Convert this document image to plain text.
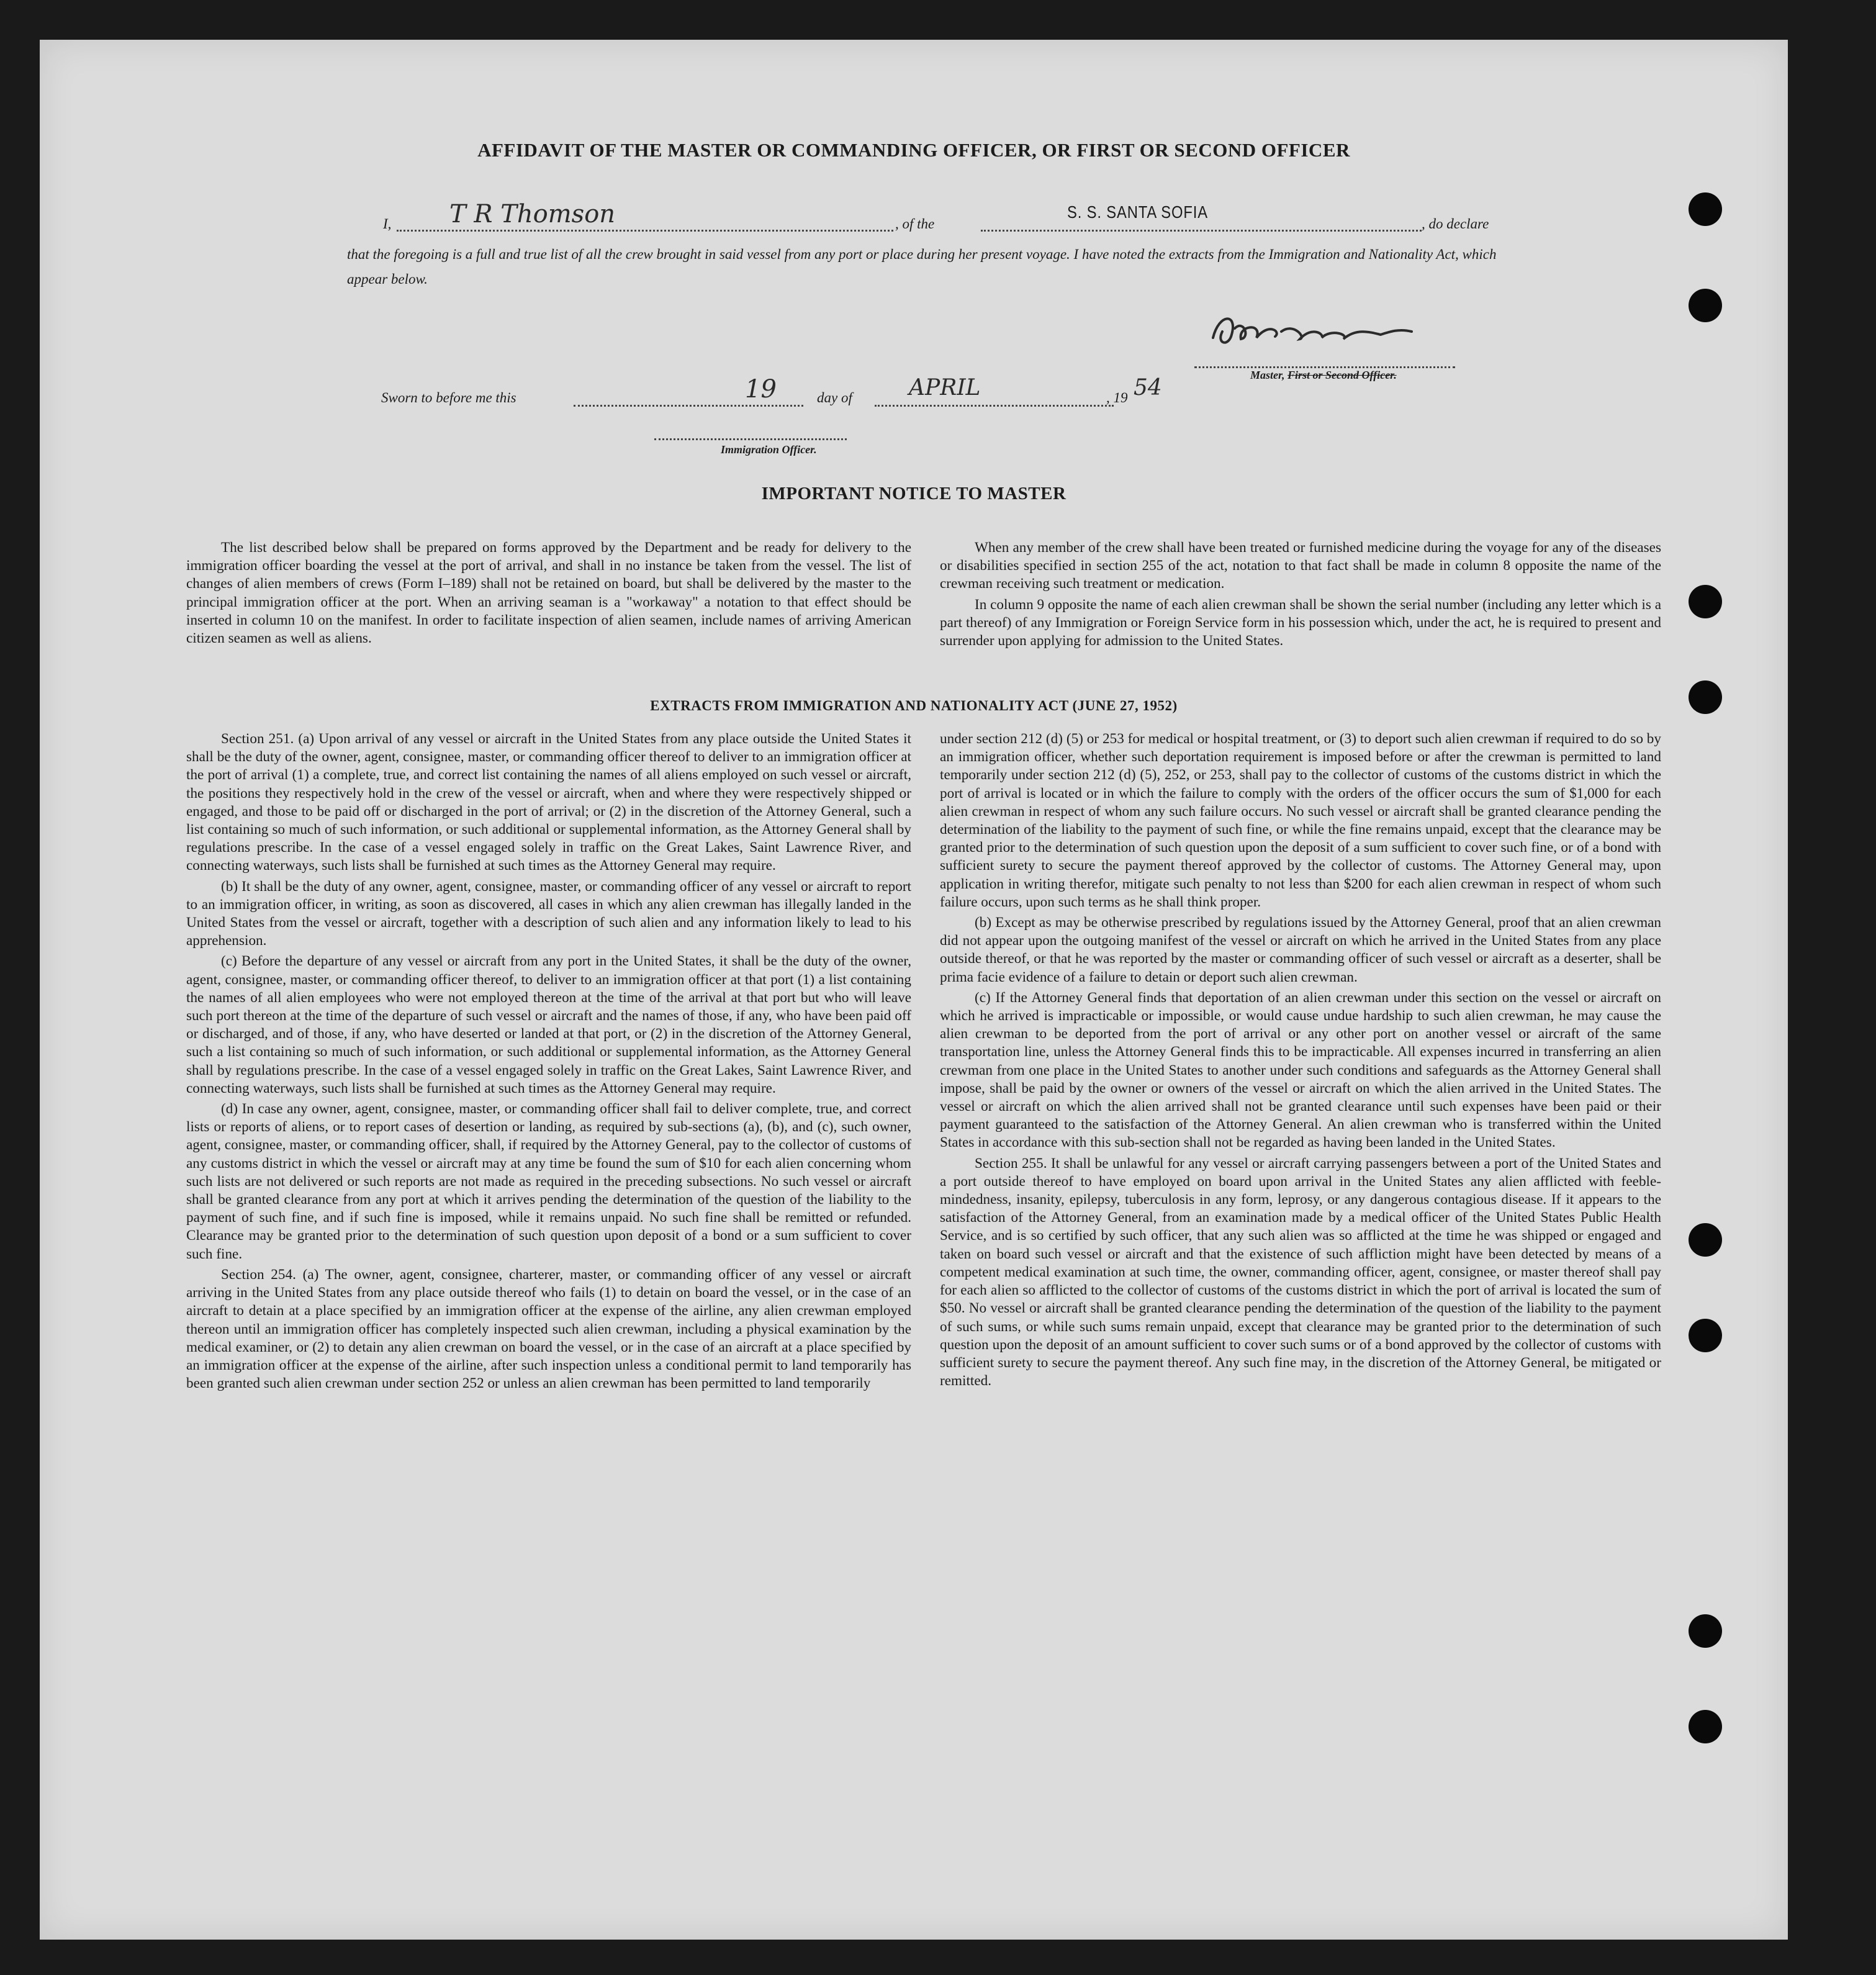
AFFIDAVIT OF THE MASTER OR COMMANDING OFFICER, OR FIRST OR SECOND OFFICER
I, T R Thomson	, of the
S. S. SANTA SOFIA
, do declare
that the foregoing is a full and true list of all the crew brought in said vessel from any port or place during her present voyage. I have noted the extracts from the Immigration and Nationality Act, which appear below.
Master, First or Second Officer.
Sworn to before me this	19	day of	APRIL	, 19 54
Immigration Officer.
IMPORTANT NOTICE TO MASTER

The list described below shall be prepared on forms approved by the Department and be ready for delivery to the immigration officer boarding the vessel at the port of arrival, and shall in no instance be taken from the vessel. The list of changes of alien members of crews (Form I–189) shall not be retained on board, but shall be delivered by the master to the principal immigration officer at the port. When an arriving seaman is a "workaway" a notation to that effect should be inserted in column 10 on the manifest. In order to facilitate inspection of alien seamen, include names of arriving American citizen seamen as well as aliens.

When any member of the crew shall have been treated or furnished medicine during the voyage for any of the diseases or disabilities specified in section 255 of the act, notation to that fact shall be made in column 8 opposite the name of the crewman receiving such treatment or medication.

In column 9 opposite the name of each alien crewman shall be shown the serial number (including any letter which is a part thereof) of any Immigration or Foreign Service form in his possession which, under the act, he is required to present and surrender upon applying for admission to the United States.

EXTRACTS FROM IMMIGRATION AND NATIONALITY ACT (JUNE 27, 1952)

Section 251. (a) Upon arrival of any vessel or aircraft in the United States from any place outside the United States it shall be the duty of the owner, agent, consignee, master, or commanding officer thereof to deliver to an immigration officer at the port of arrival (1) a complete, true, and correct list containing the names of all aliens employed on such vessel or aircraft, the positions they respectively hold in the crew of the vessel or aircraft, when and where they were respectively shipped or engaged, and those to be paid off or discharged in the port of arrival; or (2) in the discretion of the Attorney General, such a list containing so much of such information, or such additional or supplemental information, as the Attorney General shall by regulations prescribe. In the case of a vessel engaged solely in traffic on the Great Lakes, Saint Lawrence River, and connecting waterways, such lists shall be furnished at such times as the Attorney General may require.

(b) It shall be the duty of any owner, agent, consignee, master, or commanding officer of any vessel or aircraft to report to an immigration officer, in writing, as soon as discovered, all cases in which any alien crewman has illegally landed in the United States from the vessel or aircraft, together with a description of such alien and any information likely to lead to his apprehension.

(c) Before the departure of any vessel or aircraft from any port in the United States, it shall be the duty of the owner, agent, consignee, master, or commanding officer thereof, to deliver to an immigration officer at that port (1) a list containing the names of all alien employees who were not employed thereon at the time of the arrival at that port but who will leave such port thereon at the time of the departure of such vessel or aircraft and the names of those, if any, who have been paid off or discharged, and of those, if any, who have deserted or landed at that port, or (2) in the discretion of the Attorney General, such a list containing so much of such information, or such additional or supplemental information, as the Attorney General shall by regulations prescribe. In the case of a vessel engaged solely in traffic on the Great Lakes, Saint Lawrence River, and connecting waterways, such lists shall be furnished at such times as the Attorney General may require.

(d) In case any owner, agent, consignee, master, or commanding officer shall fail to deliver complete, true, and correct lists or reports of aliens, or to report cases of desertion or landing, as required by sub-sections (a), (b), and (c), such owner, agent, consignee, master, or commanding officer, shall, if required by the Attorney General, pay to the collector of customs of any customs district in which the vessel or aircraft may at any time be found the sum of $10 for each alien concerning whom such lists are not delivered or such reports are not made as required in the preceding subsections. No such vessel or aircraft shall be granted clearance from any port at which it arrives pending the determination of the question of the liability to the payment of such fine, and if such fine is imposed, while it remains unpaid. No such fine shall be remitted or refunded. Clearance may be granted prior to the determination of such question upon deposit of a bond or a sum sufficient to cover such fine.

Section 254. (a) The owner, agent, consignee, charterer, master, or commanding officer of any vessel or aircraft arriving in the United States from any place outside thereof who fails (1) to detain on board the vessel, or in the case of an aircraft to detain at a place specified by an immigration officer at the expense of the airline, any alien crewman employed thereon until an immigration officer has completely inspected such alien crewman, including a physical examination by the medical examiner, or (2) to detain any alien crewman on board the vessel, or in the case of an aircraft at a place specified by an immigration officer at the expense of the airline, after such inspection unless a conditional permit to land temporarily has been granted such alien crewman under section 252 or unless an alien crewman has been permitted to land temporarily

under section 212 (d) (5) or 253 for medical or hospital treatment, or (3) to deport such alien crewman if required to do so by an immigration officer, whether such deportation requirement is imposed before or after the crewman is permitted to land temporarily under section 212 (d) (5), 252, or 253, shall pay to the collector of customs of the customs district in which the port of arrival is located or in which the failure to comply with the orders of the officer occurs the sum of $1,000 for each alien crewman in respect of whom any such failure occurs. No such vessel or aircraft shall be granted clearance pending the determination of the liability to the payment of such fine, or while the fine remains unpaid, except that the clearance may be granted prior to the determination of such question upon the deposit of a sum sufficient to cover such fine, or of a bond with sufficient surety to secure the payment thereof approved by the collector of customs. The Attorney General may, upon application in writing therefor, mitigate such penalty to not less than $200 for each alien crewman in respect of whom such failure occurs, upon such terms as he shall think proper.

(b) Except as may be otherwise prescribed by regulations issued by the Attorney General, proof that an alien crewman did not appear upon the outgoing manifest of the vessel or aircraft on which he arrived in the United States from any place outside thereof, or that he was reported by the master or commanding officer of such vessel or aircraft as a deserter, shall be prima facie evidence of a failure to detain or deport such alien crewman.

(c) If the Attorney General finds that deportation of an alien crewman under this section on the vessel or aircraft on which he arrived is impracticable or impossible, or would cause undue hardship to such alien crewman, he may cause the alien crewman to be deported from the port of arrival or any other port on another vessel or aircraft of the same transportation line, unless the Attorney General finds this to be impracticable. All expenses incurred in transferring an alien crewman from one place in the United States to another under such conditions and safeguards as the Attorney General shall impose, shall be paid by the owner or owners of the vessel or aircraft on which the alien arrived in the United States. The vessel or aircraft on which the alien arrived shall not be granted clearance until such expenses have been paid or their payment guaranteed to the satisfaction of the Attorney General. An alien crewman who is transferred within the United States in accordance with this sub-section shall not be regarded as having been landed in the United States.

Section 255. It shall be unlawful for any vessel or aircraft carrying passengers between a port of the United States and a port outside thereof to have employed on board upon arrival in the United States any alien afflicted with feeble-mindedness, insanity, epilepsy, tuberculosis in any form, leprosy, or any dangerous contagious disease. If it appears to the satisfaction of the Attorney General, from an examination made by a medical officer of the United States Public Health Service, and is so certified by such officer, that any such alien was so afflicted at the time he was shipped or engaged and taken on board such vessel or aircraft and that the existence of such affliction might have been detected by means of a competent medical examination at such time, the owner, commanding officer, agent, consignee, or master thereof shall pay for each alien so afflicted to the collector of customs of the customs district in which the port of arrival is located the sum of $50. No vessel or aircraft shall be granted clearance pending the determination of the question of the liability to the payment of such sums, or while such sums remain unpaid, except that clearance may be granted prior to the determination of such question upon the deposit of an amount sufficient to cover such sums or of a bond approved by the collector of customs with sufficient surety to secure the payment thereof. Any such fine may, in the discretion of the Attorney General, be mitigated or remitted.
